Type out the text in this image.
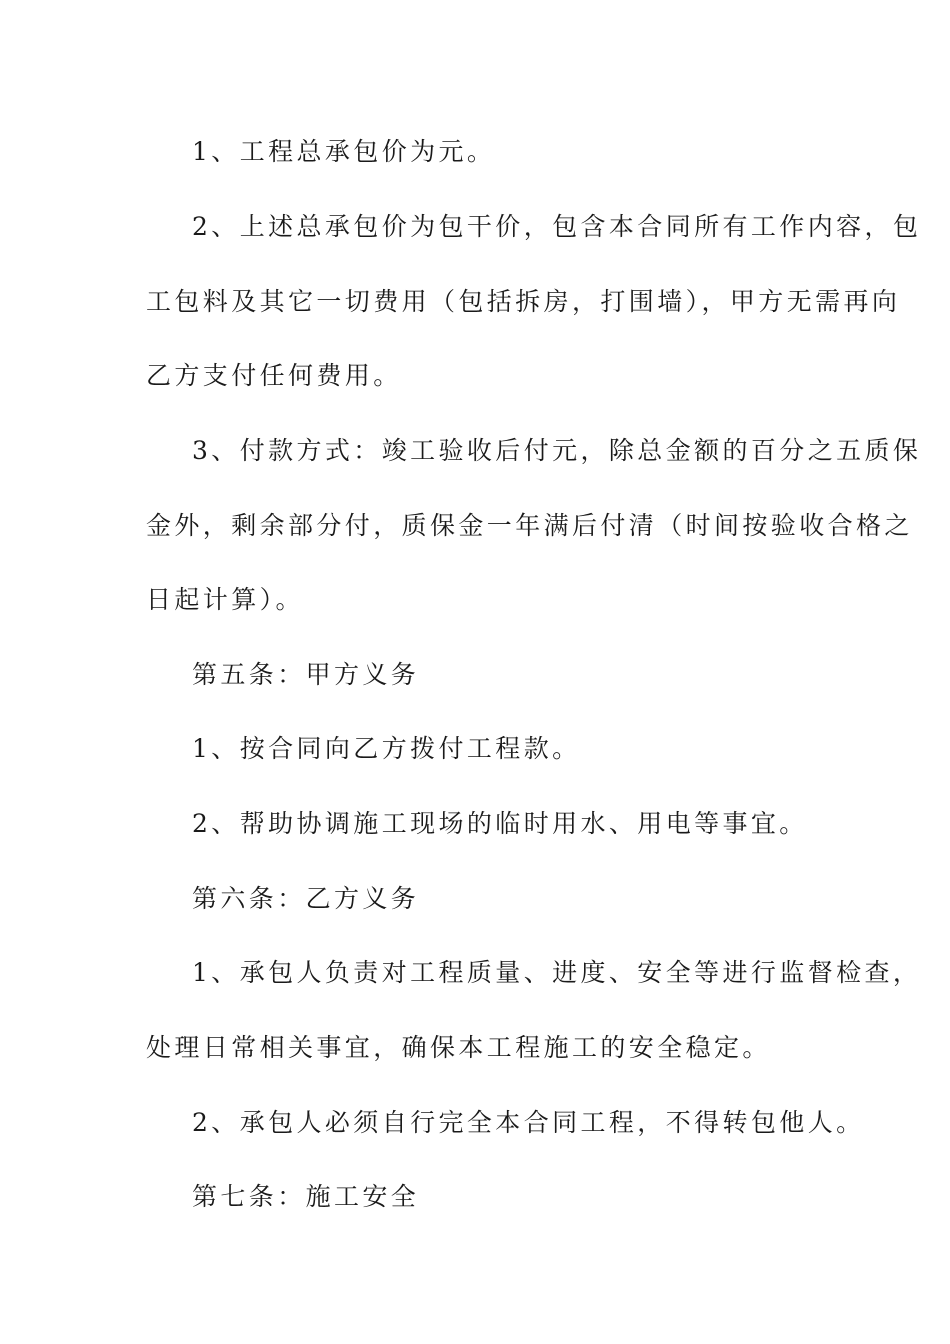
1、工程总承包价为元。
2、上述总承包价为包干价，包含本合同所有工作内容，包
工包料及其它一切费用（包括拆房，打围墙），甲方无需再向
乙方支付任何费用。
3、付款方式：竣工验收后付元，除总金额的百分之五质保
金外，剩余部分付，质保金一年满后付清（时间按验收合格之
日起计算）。
第五条：甲方义务
1、按合同向乙方拨付工程款。
2、帮助协调施工现场的临时用水、用电等事宜。
第六条：乙方义务
1、承包人负责对工程质量、进度、安全等进行监督检查，
处理日常相关事宜，确保本工程施工的安全稳定。
2、承包人必须自行完全本合同工程，不得转包他人。
第七条：施工安全
